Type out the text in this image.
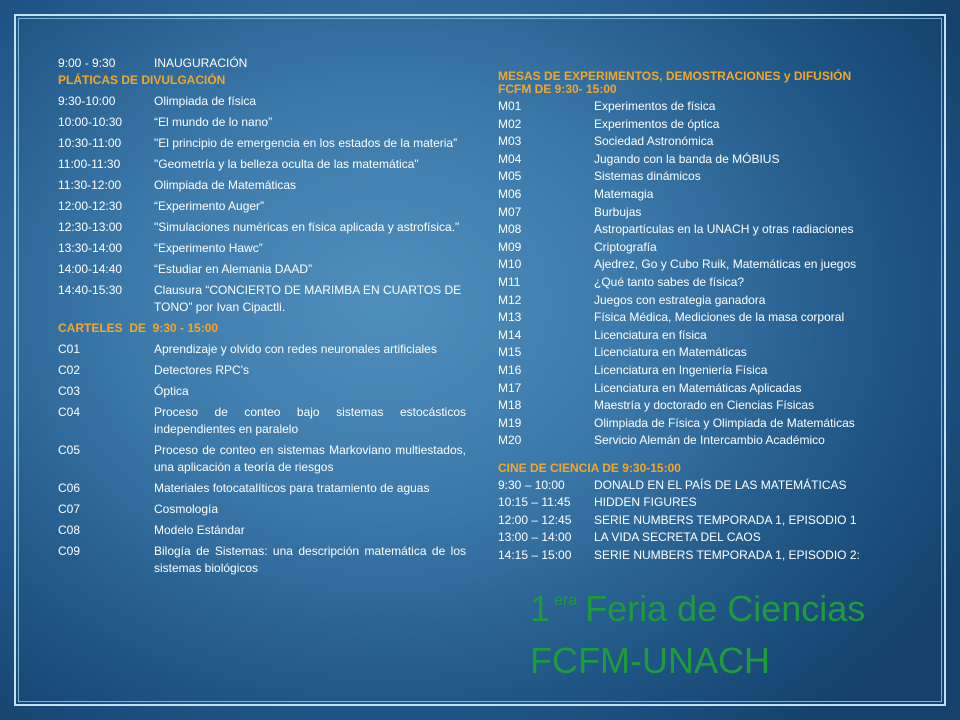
9:00 - 9:30	INAUGURACIÓN
PLÁTICAS DE DIVULGACIÓN
9:30-10:00	Olimpiada de física
10:00-10:30	“El mundo de lo nano”
10:30-11:00	"El principio de emergencia en los estados de la materia”
11:00-11:30	"Geometría y la belleza oculta de las matemática"
11:30-12:00	Olimpiada de Matemáticas
12:00-12:30	“Experimento Auger”
12:30-13:00	"Simulaciones numéricas en física aplicada y astrofísica."
13:30-14:00	“Experimento Hawc”
14:00-14:40	“Estudiar en Alemania DAAD”
14:40-15:30	Clausura “CONCIERTO DE MARIMBA EN CUARTOS DE TONO” por Ivan Cipactli.
CARTELES  DE  9:30 - 15:00
C01	Aprendizaje y olvido con redes neuronales artificiales
C02	Detectores RPC's
C03	Óptica
C04	Proceso de conteo bajo sistemas estocásticos independientes en paralelo
C05	Proceso de conteo en sistemas Markoviano multiestados, una aplicación a teoría de riesgos
C06	Materiales fotocatalíticos para tratamiento de aguas
C07	Cosmología
C08	Modelo Estándar
C09	Bilogía de Sistemas: una descripción matemática de los sistemas biológicos
MESAS DE EXPERIMENTOS, DEMOSTRACIONES y DIFUSIÓN
FCFM DE 9:30- 15:00
M01	Experimentos de física
M02	Experimentos de óptica
M03	Sociedad Astronómica
M04	Jugando con la banda de MÓBIUS
M05	Sistemas dinámicos
M06	Matemagia
M07	Burbujas
M08	Astropartículas en la UNACH y otras radiaciones
M09	Criptografía
M10	Ajedrez, Go y Cubo Ruik, Matemáticas en juegos
M11	¿Qué tanto sabes de física?
M12	Juegos con estrategia ganadora
M13	Física Médica, Mediciones de la masa corporal
M14	Licenciatura en física
M15	Licenciatura en Matemáticas
M16	Licenciatura en Ingeniería Física
M17	Licenciatura en Matemáticas Aplicadas
M18	Maestría y doctorado en Ciencias Físicas
M19	Olimpiada de Física y Olimpiada de Matemáticas
M20	Servicio Alemán de Intercambio Académico
CINE DE CIENCIA DE 9:30-15:00
9:30 – 10:00	DONALD EN EL PAÍS DE LAS MATEMÁTICAS
10:15 – 11:45	HIDDEN FIGURES
12:00 – 12:45	SERIE NUMBERS TEMPORADA 1, EPISODIO 1
13:00 – 14:00	LA VIDA SECRETA DEL CAOS
14:15 – 15:00	SERIE NUMBERS TEMPORADA 1, EPISODIO 2:
1 $^{era}$ Feria de Ciencias
FCFM-UNACH
